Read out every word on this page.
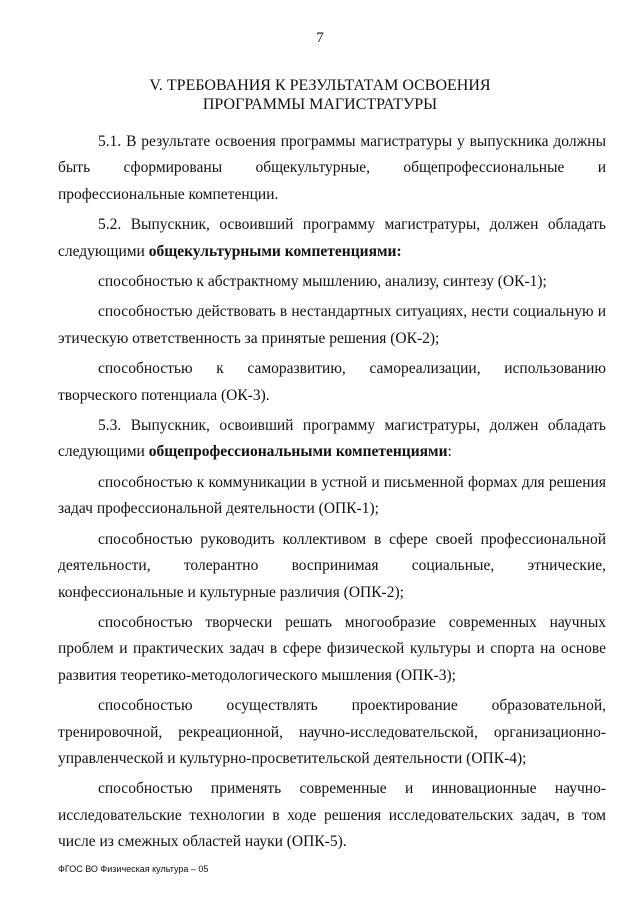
7
V. ТРЕБОВАНИЯ К РЕЗУЛЬТАТАМ ОСВОЕНИЯ
ПРОГРАММЫ МАГИСТРАТУРЫ

5.1. В результате освоения программы магистратуры у выпускника должны быть сформированы общекультурные, общепрофессиональные и профессиональные компетенции.

5.2. Выпускник, освоивший программу магистратуры, должен обладать следующими общекультурными компетенциями:

способностью к абстрактному мышлению, анализу, синтезу (ОК-1);

способностью действовать в нестандартных ситуациях, нести социальную и этическую ответственность за принятые решения (ОК-2);

способностью к саморазвитию, самореализации, использованию творческого потенциала (ОК-3).

5.3. Выпускник, освоивший программу магистратуры, должен обладать следующими общепрофессиональными компетенциями:

способностью к коммуникации в устной и письменной формах для решения задач профессиональной деятельности (ОПК-1);

способностью руководить коллективом в сфере своей профессиональной деятельности, толерантно воспринимая социальные, этнические, конфессиональные и культурные различия (ОПК-2);

способностью творчески решать многообразие современных научных проблем и практических задач в сфере физической культуры и спорта на основе развития теоретико-методологического мышления (ОПК-3);

способностью осуществлять проектирование образовательной, тренировочной, рекреационной, научно-исследовательской, организационно-управленческой и культурно-просветительской деятельности (ОПК-4);

способностью применять современные и инновационные научно-исследовательские технологии в ходе решения исследовательских задач, в том числе из смежных областей науки (ОПК-5).

ФГОС ВО Физическая культура – 05
